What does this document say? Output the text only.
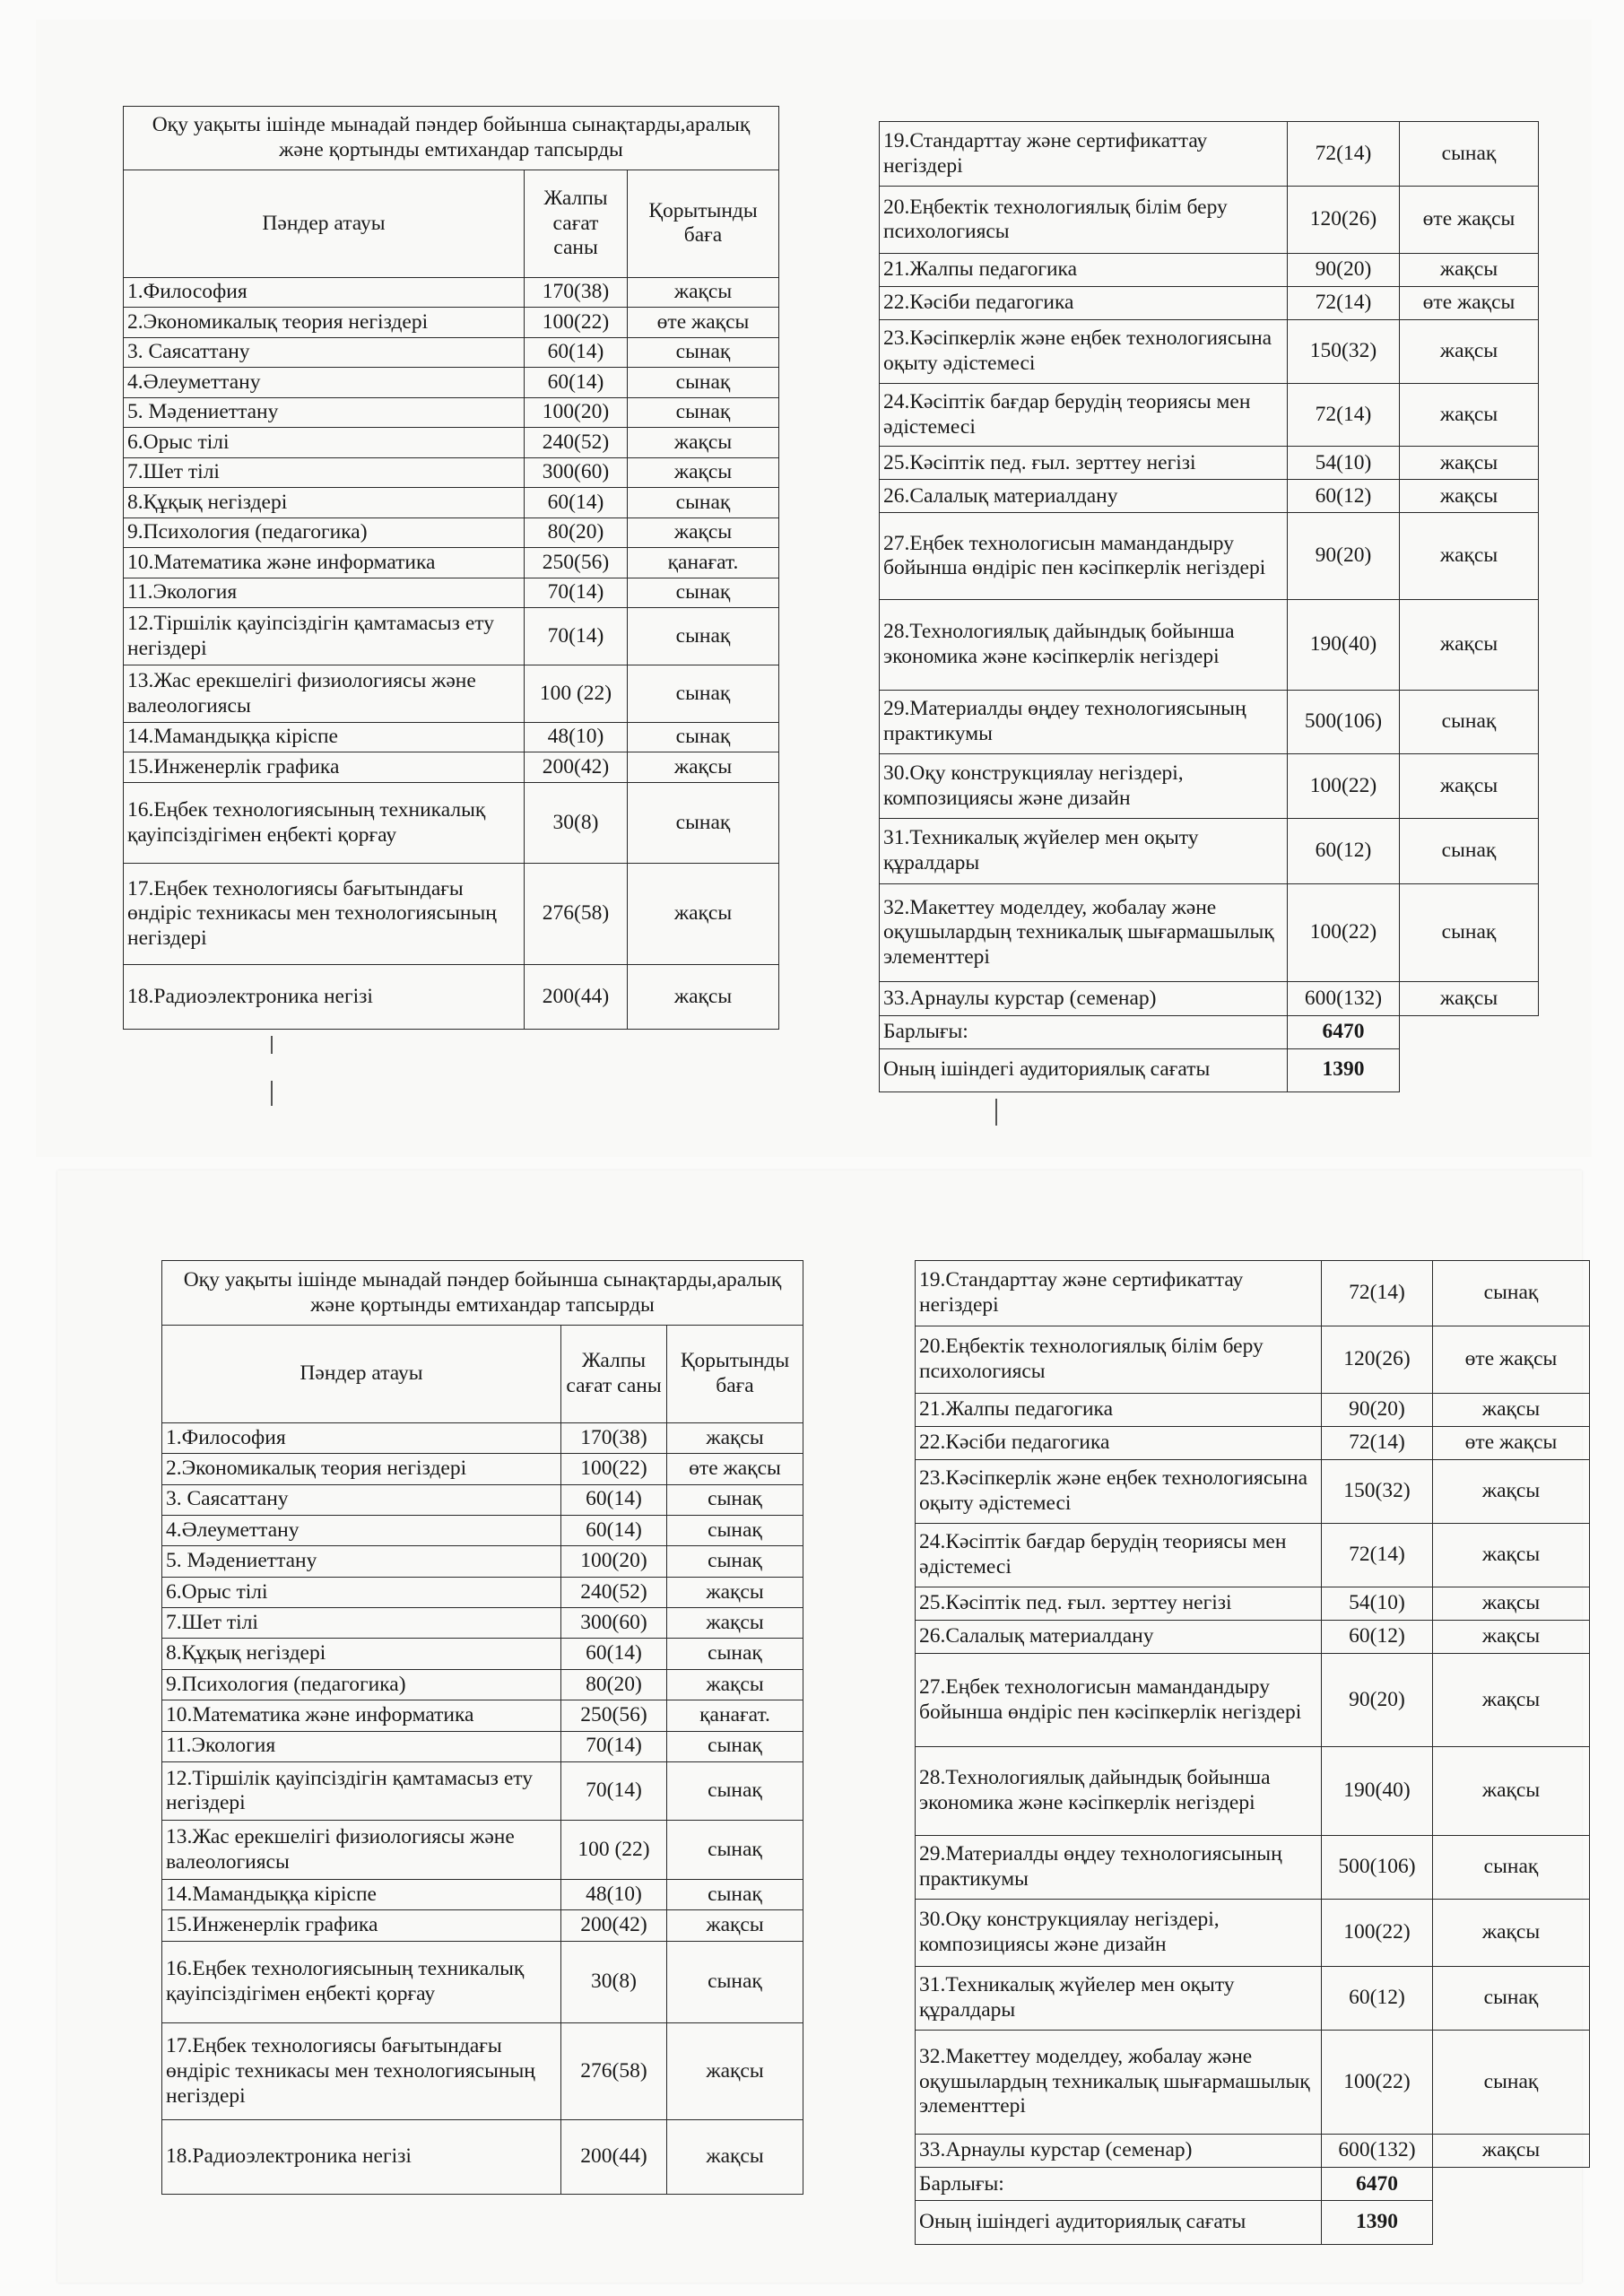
Оқу уақыты ішінде мынадай пәндер бойынша сынақтарды,аралық және қортынды емтихандар тапсырды		
Пәндер атауы	Жалпы сағат саны	Қорытынды баға
1.Философия	170(38)	жақсы
2.Экономикалық теория негіздері	100(22)	өте жақсы
3. Саясаттану	60(14)	сынақ
4.Әлеуметтану	60(14)	сынақ
5. Мәдениеттану	100(20)	сынақ
6.Орыс тілі	240(52)	жақсы
7.Шет тілі	300(60)	жақсы
8.Құқық негіздері	60(14)	сынақ
9.Психология (педагогика)	80(20)	жақсы
10.Математика және информатика	250(56)	қанағат.
11.Экология	70(14)	сынақ
12.Тіршілік қауіпсіздігін қамтамасыз ету негіздері	70(14)	сынақ
13.Жас ерекшелігі физиологиясы және валеологиясы	100 (22)	сынақ
14.Мамандыққа кіріспе	48(10)	сынақ
15.Инженерлік графика	200(42)	жақсы
16.Еңбек технологиясының техникалық қауіпсіздігімен еңбекті қорғау	30(8)	сынақ
17.Еңбек технологиясы бағытындағы өндіріс техникасы мен технологиясының негіздері	276(58)	жақсы
18.Радиоэлектроника негізі	200(44)	жақсы
19.Стандарттау және сертификаттау негіздері	72(14)	сынақ
20.Еңбектік технологиялық білім беру психологиясы	120(26)	өте жақсы
21.Жалпы педагогика	90(20)	жақсы
22.Кәсіби педагогика	72(14)	өте жақсы
23.Кәсіпкерлік және еңбек технологиясына оқыту әдістемесі	150(32)	жақсы
24.Кәсіптік бағдар берудің теориясы мен әдістемесі	72(14)	жақсы
25.Кәсіптік пед. ғыл. зерттеу негізі	54(10)	жақсы
26.Салалық материалдану	60(12)	жақсы
27.Еңбек технологисын мамандандыру бойынша өндіріс пен кәсіпкерлік негіздері	90(20)	жақсы
28.Технологиялық дайындық бойынша экономика және кәсіпкерлік негіздері	190(40)	жақсы
29.Материалды өңдеу технологиясының практикумы	500(106)	сынақ
30.Оқу конструкциялау негіздері, композициясы және дизайн	100(22)	жақсы
31.Техникалық жүйелер мен оқыту құралдары	60(12)	сынақ
32.Макеттеу моделдеу, жобалау және оқушылардың техникалық шығармашылық элементтері	100(22)	сынақ
33.Арнаулы курстар (семенар)	600(132)	жақсы
Барлығы:	6470	
Оның ішіндегі аудиториялық сағаты	1390	
Оқу уақыты ішінде мынадай пәндер бойынша сынақтарды,аралық және қортынды емтихандар тапсырды		
Пәндер атауы	Жалпы сағат саны	Қорытынды баға
1.Философия	170(38)	жақсы
2.Экономикалық теория негіздері	100(22)	өте жақсы
3. Саясаттану	60(14)	сынақ
4.Әлеуметтану	60(14)	сынақ
5. Мәдениеттану	100(20)	сынақ
6.Орыс тілі	240(52)	жақсы
7.Шет тілі	300(60)	жақсы
8.Құқық негіздері	60(14)	сынақ
9.Психология (педагогика)	80(20)	жақсы
10.Математика және информатика	250(56)	қанағат.
11.Экология	70(14)	сынақ
12.Тіршілік қауіпсіздігін қамтамасыз ету негіздері	70(14)	сынақ
13.Жас ерекшелігі физиологиясы және валеологиясы	100 (22)	сынақ
14.Мамандыққа кіріспе	48(10)	сынақ
15.Инженерлік графика	200(42)	жақсы
16.Еңбек технологиясының техникалық қауіпсіздігімен еңбекті қорғау	30(8)	сынақ
17.Еңбек технологиясы бағытындағы өндіріс техникасы мен технологиясының негіздері	276(58)	жақсы
18.Радиоэлектроника негізі	200(44)	жақсы
19.Стандарттау және сертификаттау негіздері	72(14)	сынақ
20.Еңбектік технологиялық білім беру психологиясы	120(26)	өте жақсы
21.Жалпы педагогика	90(20)	жақсы
22.Кәсіби педагогика	72(14)	өте жақсы
23.Кәсіпкерлік және еңбек технологиясына оқыту әдістемесі	150(32)	жақсы
24.Кәсіптік бағдар берудің теориясы мен әдістемесі	72(14)	жақсы
25.Кәсіптік пед. ғыл. зерттеу негізі	54(10)	жақсы
26.Салалық материалдану	60(12)	жақсы
27.Еңбек технологисын мамандандыру бойынша өндіріс пен кәсіпкерлік негіздері	90(20)	жақсы
28.Технологиялық дайындық бойынша экономика және кәсіпкерлік негіздері	190(40)	жақсы
29.Материалды өңдеу технологиясының практикумы	500(106)	сынақ
30.Оқу конструкциялау негіздері, композициясы және дизайн	100(22)	жақсы
31.Техникалық жүйелер мен оқыту құралдары	60(12)	сынақ
32.Макеттеу моделдеу, жобалау және оқушылардың техникалық шығармашылық элементтері	100(22)	сынақ
33.Арнаулы курстар (семенар)	600(132)	жақсы
Барлығы:	6470	
Оның ішіндегі аудиториялық сағаты	1390	
